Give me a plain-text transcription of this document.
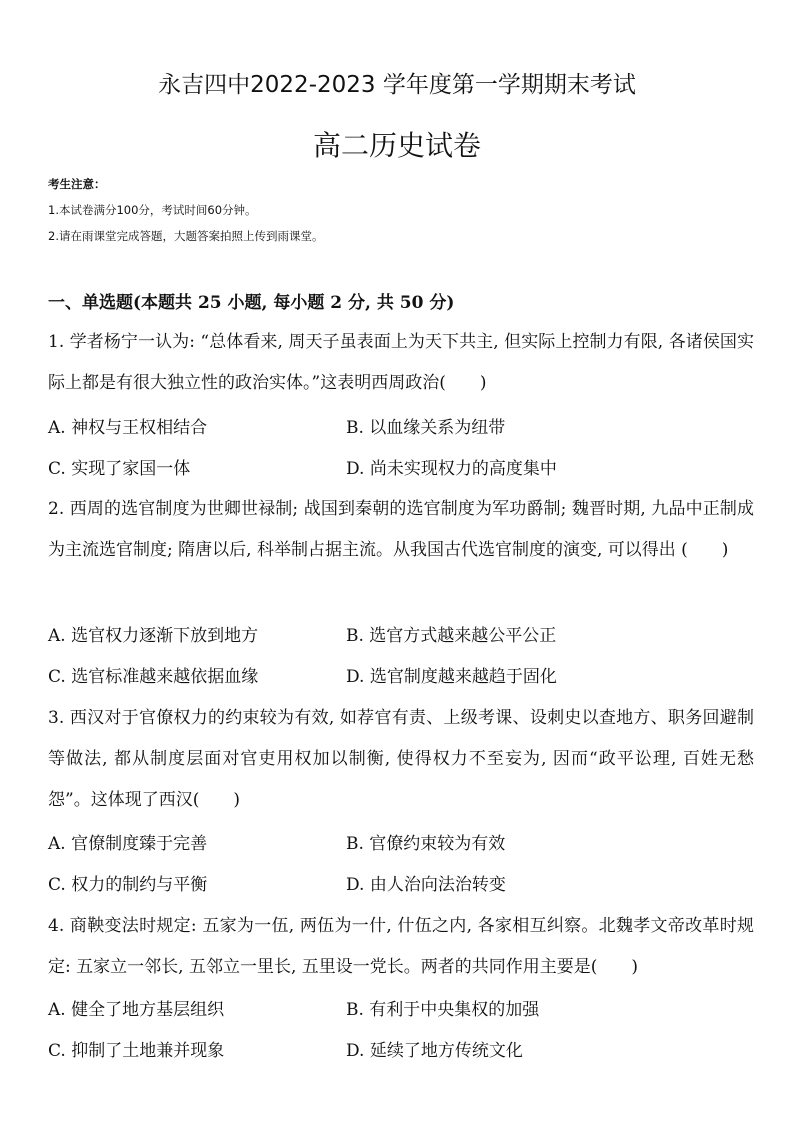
永吉四中2022-2023 学年度第一学期期末考试
高二历史试卷
考生注意：
1.本试卷满分100分，考试时间60分钟。
2.请在雨课堂完成答题，大题答案拍照上传到雨课堂。
一、单选题(本题共 25 小题, 每小题 2 分, 共 50 分)
1. 学者杨宁一认为: “总体看来, 周天子虽表面上为天下共主, 但实际上控制力有限, 各诸侯国实际上都是有很大独立性的政治实体。”这表明西周政治(　　)
A. 神权与王权相结合	B. 以血缘关系为纽带
C. 实现了家国一体	D. 尚未实现权力的高度集中
2. 西周的选官制度为世卿世禄制; 战国到秦朝的选官制度为军功爵制; 魏晋时期, 九品中正制成为主流选官制度; 隋唐以后, 科举制占据主流。从我国古代选官制度的演变, 可以得出 (　　)
A. 选官权力逐渐下放到地方	B. 选官方式越来越公平公正
C. 选官标准越来越依据血缘	D. 选官制度越来越趋于固化
3. 西汉对于官僚权力的约束较为有效, 如荐官有责、上级考课、设刺史以查地方、职务回避制等做法, 都从制度层面对官吏用权加以制衡, 使得权力不至妄为, 因而“政平讼理, 百姓无愁怨”。这体现了西汉(　　)
A. 官僚制度臻于完善	B. 官僚约束较为有效
C. 权力的制约与平衡	D. 由人治向法治转变
4. 商鞅变法时规定: 五家为一伍, 两伍为一什, 什伍之内, 各家相互纠察。北魏孝文帝改革时规定: 五家立一邻长, 五邻立一里长, 五里设一党长。两者的共同作用主要是(　　)
A. 健全了地方基层组织	B. 有利于中央集权的加强
C. 抑制了土地兼并现象	D. 延续了地方传统文化
